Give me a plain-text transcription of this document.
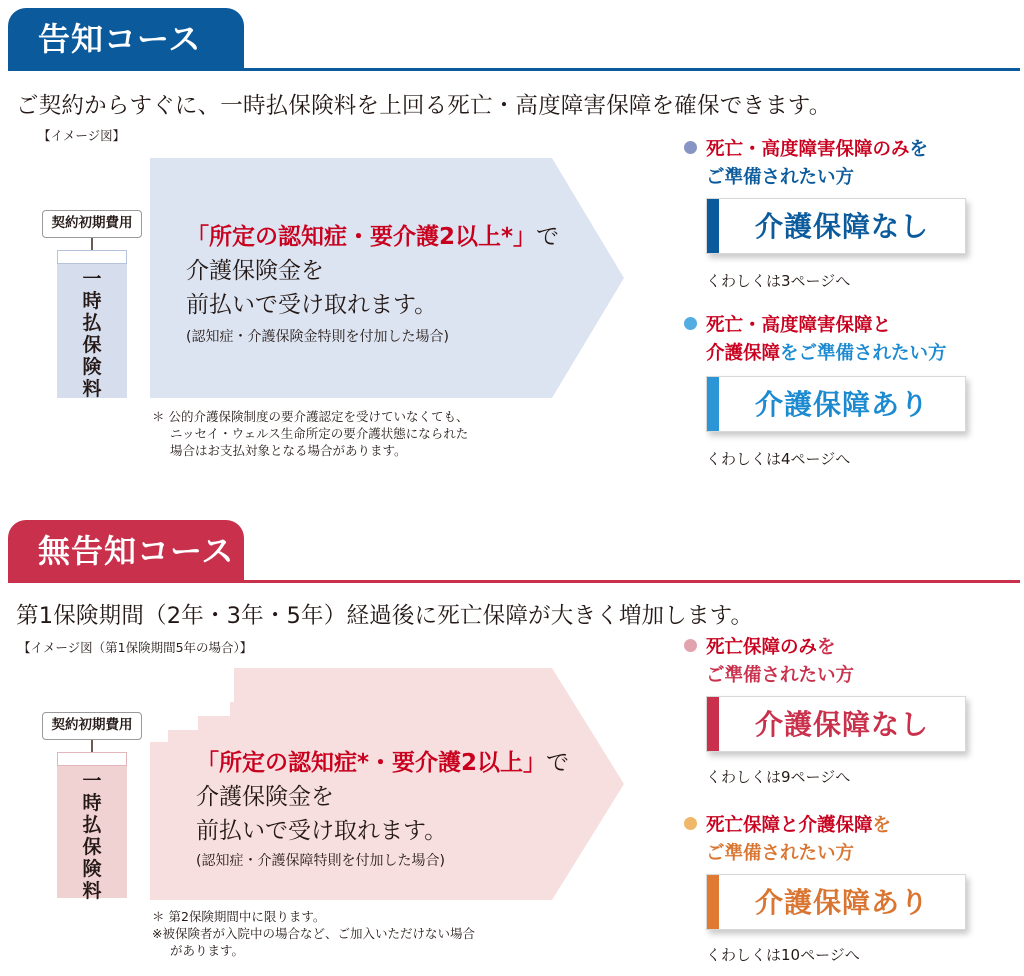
告知コース
ご契約からすぐに、一時払保険料を上回る死亡・高度障害保障を確保できます。
【イメージ図】
契約初期費用
一時払保険料
「所定の認知症・要介護2以上*」で
介護保険金を
前払いで受け取れます。
(認知症・介護保険金特則を付加した場合)
＊ 公的介護保険制度の要介護認定を受けていなくても、
ニッセイ・ウェルス生命所定の要介護状態になられた
場合はお支払対象となる場合があります。
死亡・高度障害保障のみを
ご準備されたい方
介護保障なし
くわしくは3ページへ
死亡・高度障害保障と
介護保障をご準備されたい方
介護保障あり
くわしくは4ページへ
無告知コース
第1保険期間（2年・3年・5年）経過後に死亡保障が大きく増加します。
【イメージ図（第1保険期間5年の場合）】
契約初期費用
一時払保険料
「所定の認知症*・要介護2以上」で
介護保険金を
前払いで受け取れます。
(認知症・介護保障特則を付加した場合)
＊ 第2保険期間中に限ります。
※被保険者が入院中の場合など、ご加入いただけない場合
があります。
死亡保障のみを
ご準備されたい方
介護保障なし
くわしくは9ページへ
死亡保障と介護保障を
ご準備されたい方
介護保障あり
くわしくは10ページへ
